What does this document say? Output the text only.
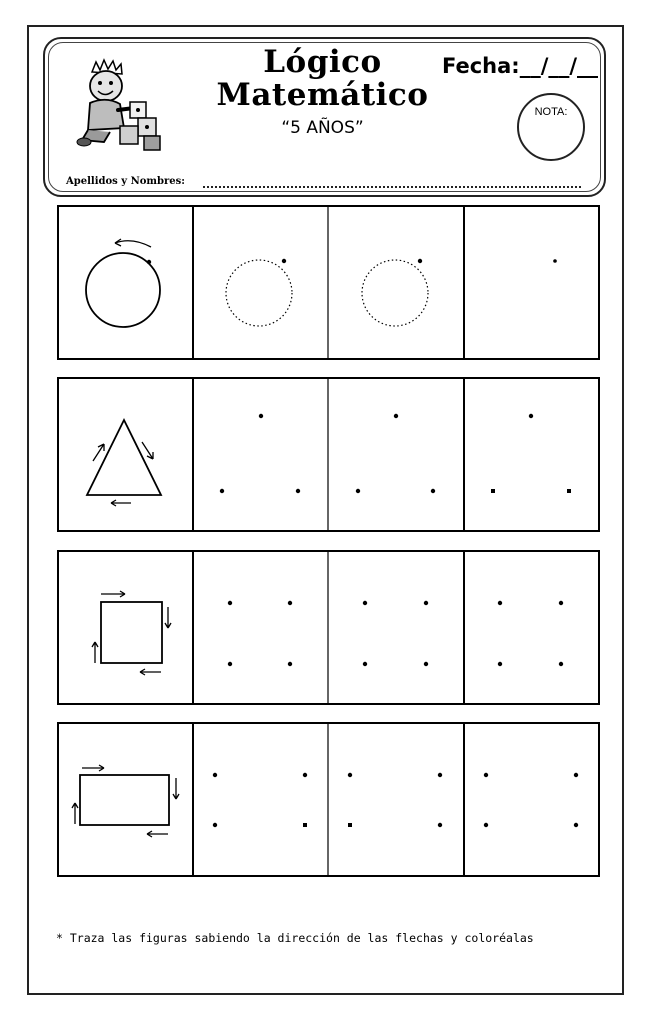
Lógico
Matemático
“5 AÑOS”
Fecha:__/__/__
NOTA:
Apellidos y Nombres:
* Traza las figuras sabiendo la dirección de las flechas y coloréalas
